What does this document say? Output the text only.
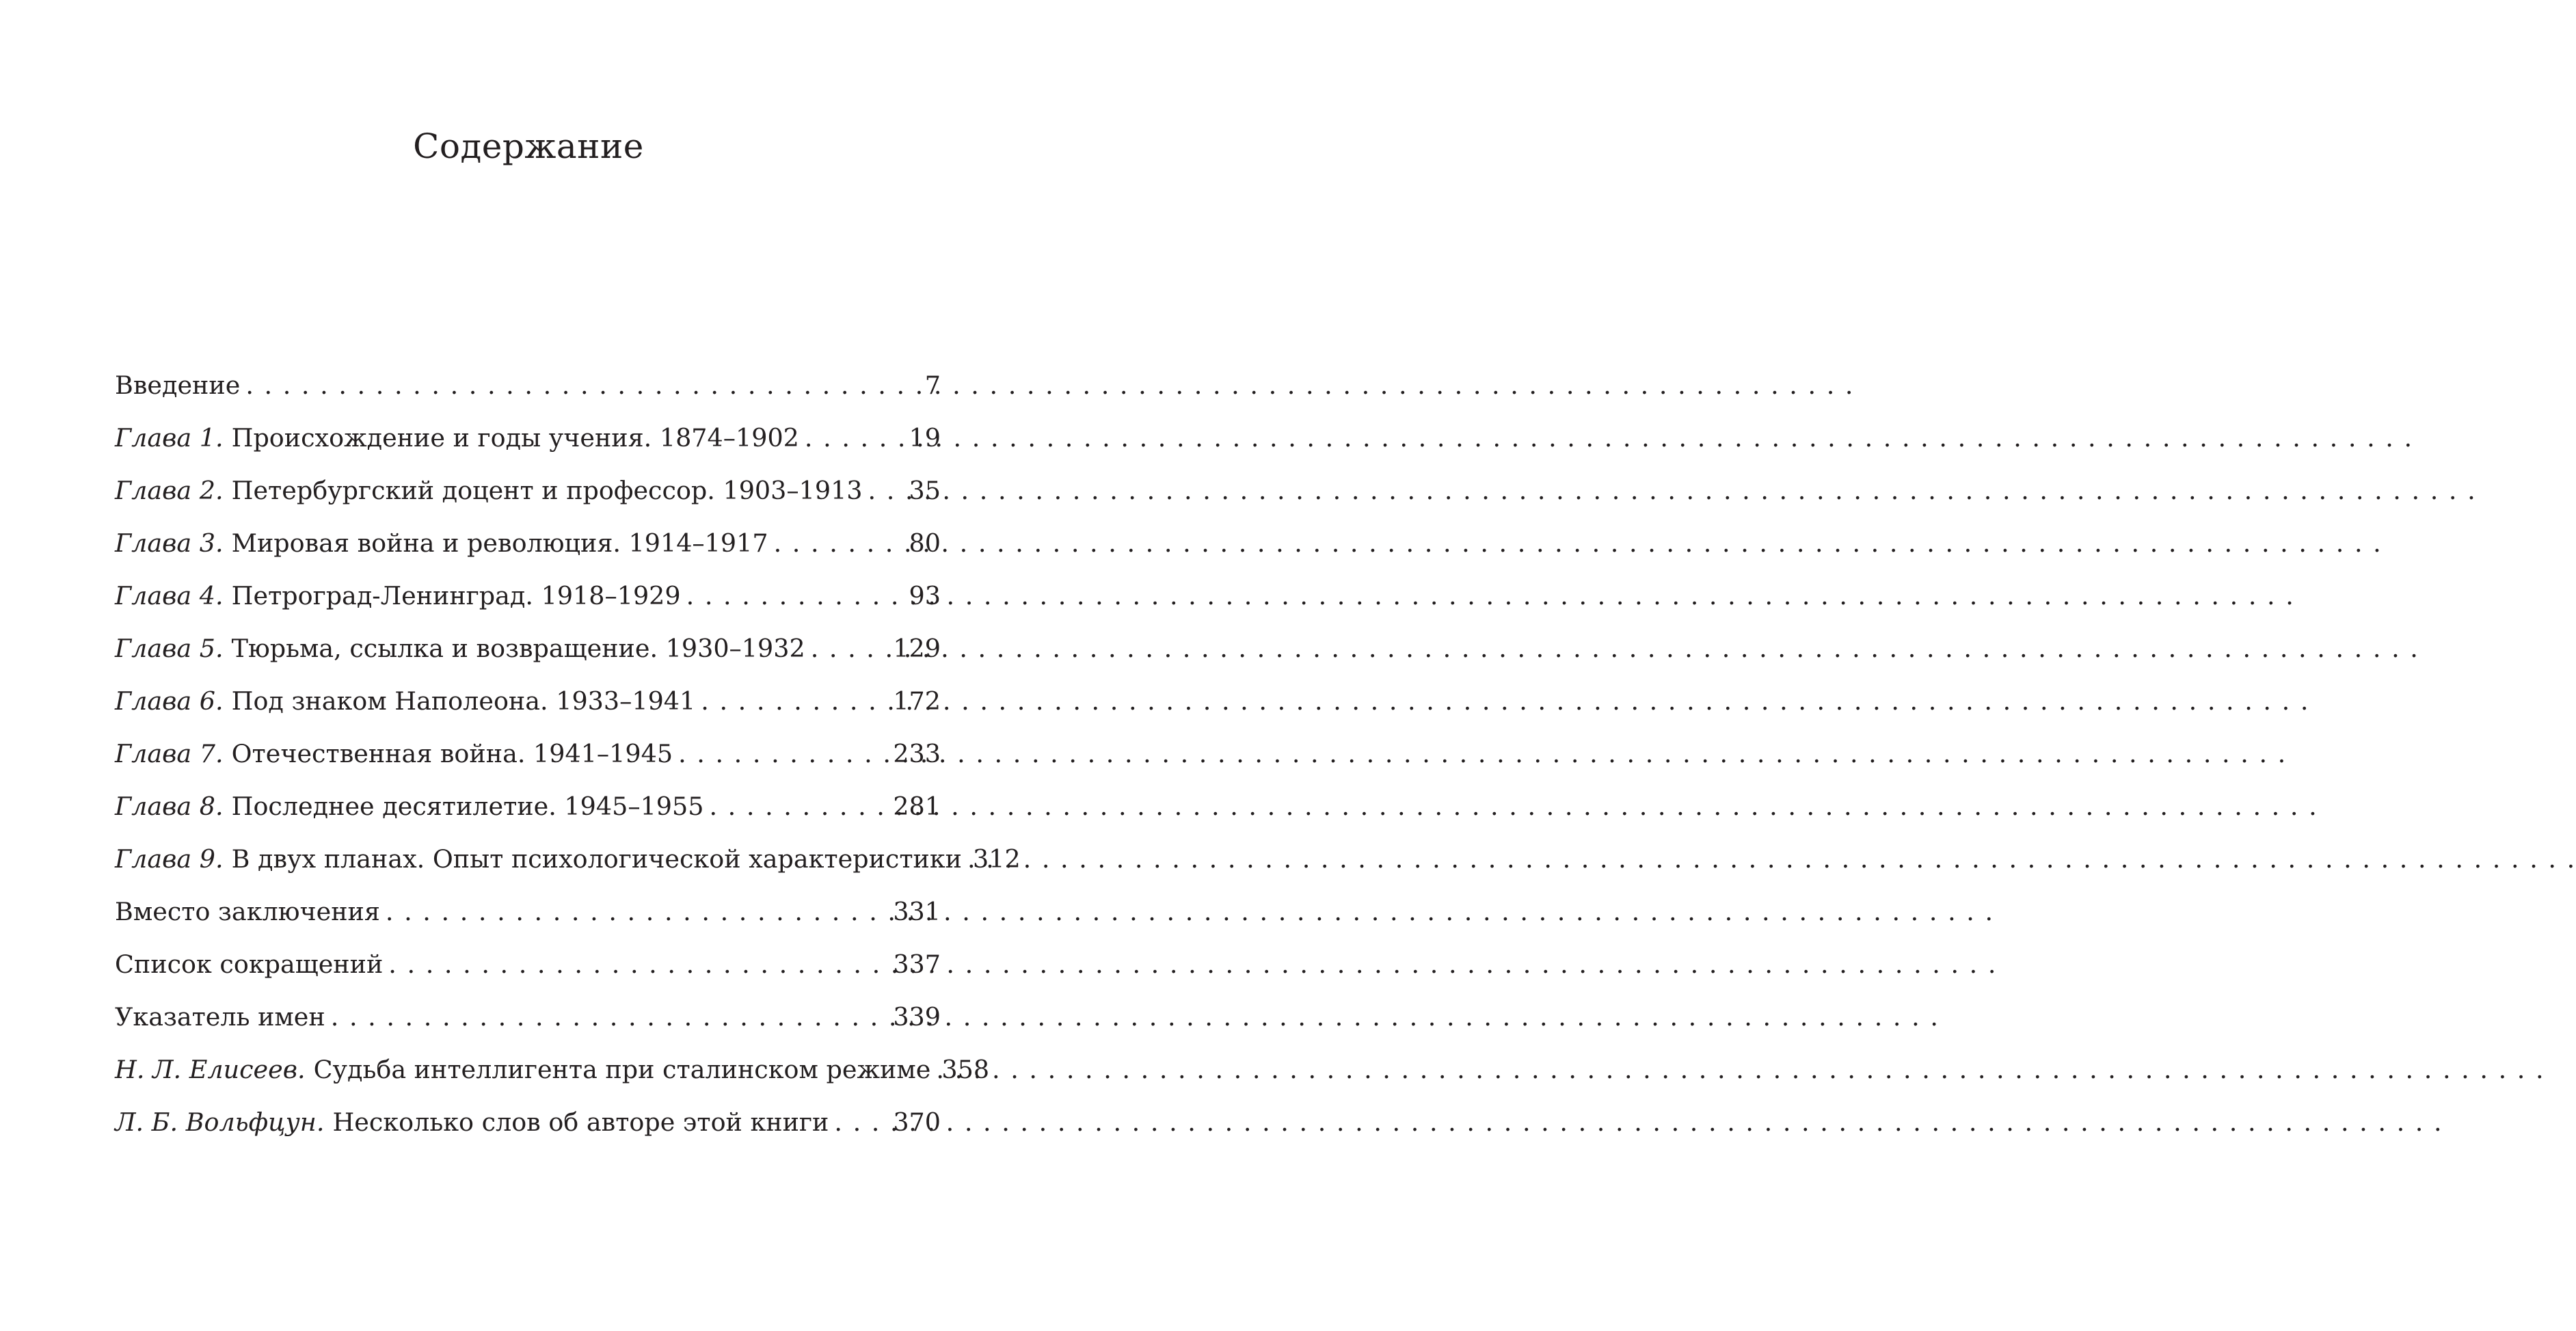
Содержание
Введение . . .	7
Глава 1. Происхождение и годы учения. 1874–1902 . . .	19
Глава 2. Петербургский доцент и профессор. 1903–1913 . . .	35
Глава 3. Мировая война и революция. 1914–1917 . . .	80
Глава 4. Петроград-Ленинград. 1918–1929 . . .	93
Глава 5. Тюрьма, ссылка и возвращение. 1930–1932 . . .	129
Глава 6. Под знаком Наполеона. 1933–1941 . . .	172
Глава 7. Отечественная война. 1941–1945 . . .	233
Глава 8. Последнее десятилетие. 1945–1955 . . .	281
Глава 9. В двух планах. Опыт психологической характеристики 312
Вместо заключения . . .	331
Список сокращений . . .	337
Указатель имен . . .	339
Н. Л. Елисеев. Судьба интеллигента при сталинском режиме 358
Л. Б. Вольфцун. Несколько слов об авторе этой книги . . .	370
